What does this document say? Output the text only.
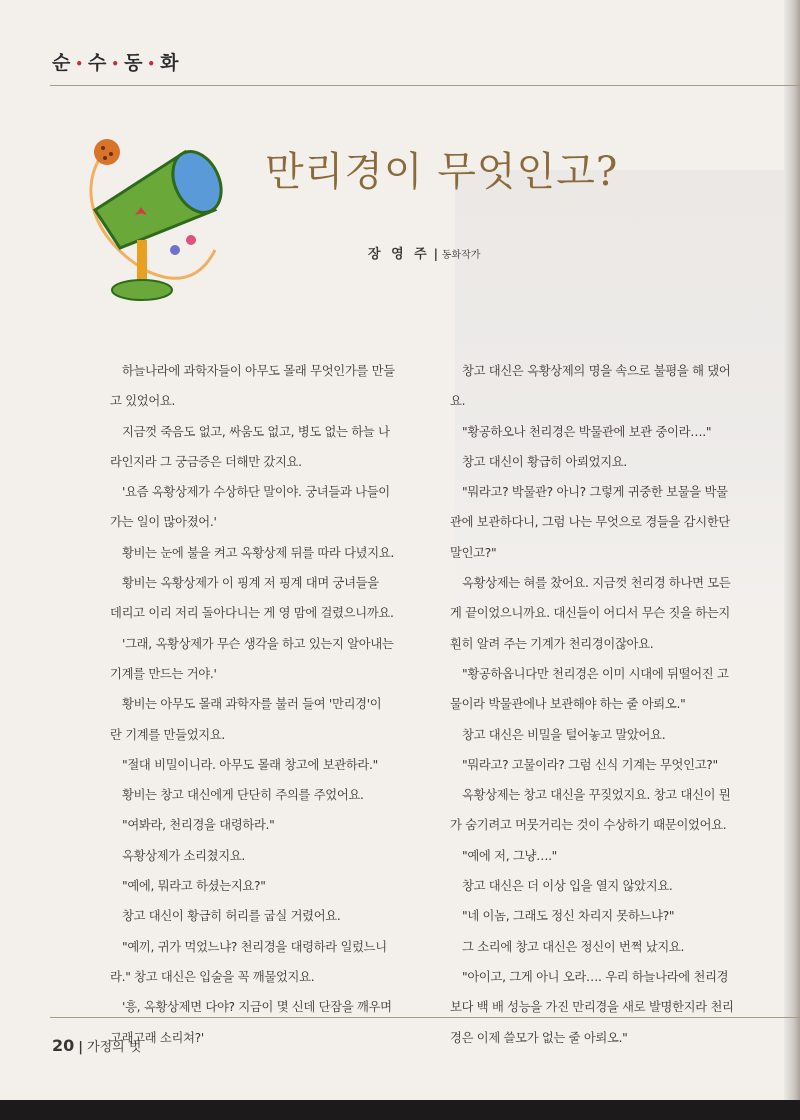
순 • 수 • 동 • 화
만리경이 무엇인고?
장 영 주 | 동화작가
하늘나라에 과학자들이 아무도 몰래 무엇인가를 만들
고 있었어요.
지금껏 죽음도 없고, 싸움도 없고, 병도 없는 하늘 나
라인지라 그 궁금증은 더해만 갔지요.
'요즘 옥황상제가 수상하단 말이야. 궁녀들과 나들이
가는 일이 많아졌어.'
황비는 눈에 불을 켜고 옥황상제 뒤를 따라 다녔지요.
황비는 옥황상제가 이 핑계 저 핑계 대며 궁녀들을
데리고 이리 저리 돌아다니는 게 영 맘에 걸렸으니까요.
'그래, 옥황상제가 무슨 생각을 하고 있는지 알아내는
기계를 만드는 거야.'
황비는 아무도 몰래 과학자를 불러 들여 '만리경'이
란 기계를 만들었지요.
"절대 비밀이니라. 아무도 몰래 창고에 보관하라."
황비는 창고 대신에게 단단히 주의를 주었어요.
"여봐라, 천리경을 대령하라."
옥황상제가 소리쳤지요.
"예에, 뭐라고 하셨는지요?"
창고 대신이 황급히 허리를 굽실 거렸어요.
"예끼, 귀가 먹었느냐? 천리경을 대령하라 일렀느니
라." 창고 대신은 입술을 꼭 깨물었지요.
'흥, 옥황상제면 다야? 지금이 몇 신데 단잠을 깨우며
고래고래 소리쳐?'
창고 대신은 옥황상제의 명을 속으로 불평을 해 댔어
요.
"황공하오나 천리경은 박물관에 보관 중이라…."
창고 대신이 황급히 아뢰었지요.
"뭐라고? 박물관? 아니? 그렇게 귀중한 보물을 박물
관에 보관하다니, 그럼 나는 무엇으로 경들을 감시한단
말인고?"
옥황상제는 혀를 찼어요. 지금껏 천리경 하나면 모든
게 끝이었으니까요. 대신들이 어디서 무슨 짓을 하는지
훤히 알려 주는 기계가 천리경이잖아요.
"황공하옵니다만 천리경은 이미 시대에 뒤떨어진 고
물이라 박물관에나 보관해야 하는 줄 아뢰오."
창고 대신은 비밀을 털어놓고 말았어요.
"뭐라고? 고물이라? 그럼 신식 기계는 무엇인고?"
옥황상제는 창고 대신을 꾸짖었지요. 창고 대신이 뭔
가 숨기려고 머뭇거리는 것이 수상하기 때문이었어요.
"예에 저, 그냥…."
창고 대신은 더 이상 입을 열지 않았지요.
"네 이놈, 그래도 정신 차리지 못하느냐?"
그 소리에 창고 대신은 정신이 번쩍 났지요.
"아이고, 그게 아니 오라…. 우리 하늘나라에 천리경
보다 백 배 성능을 가진 만리경을 새로 발명한지라 천리
경은 이제 쓸모가 없는 줄 아뢰오."
20 | 가정의 벗
